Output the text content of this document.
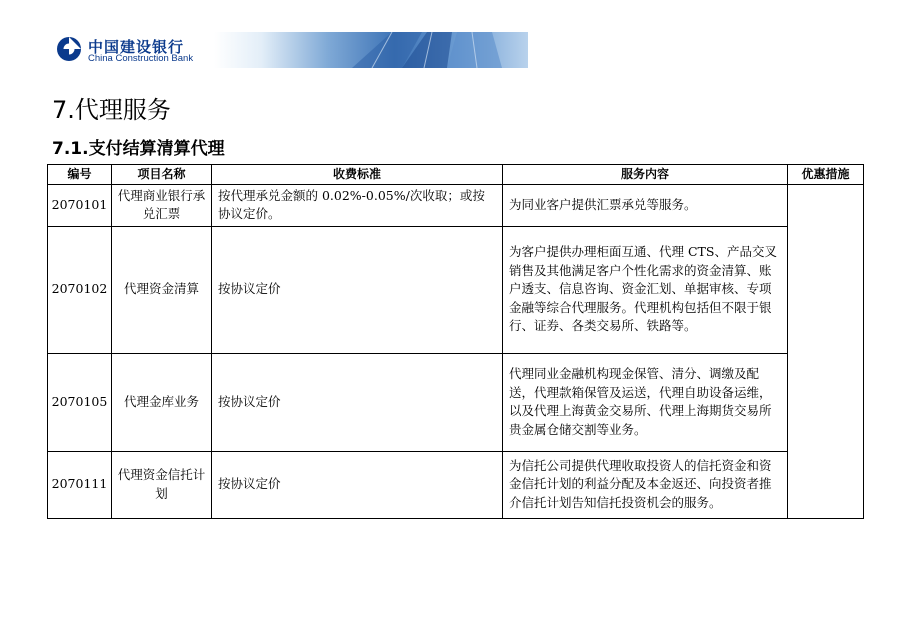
中国建设银行
China Construction Bank
7.代理服务
7.1.支付结算清算代理
编号	项目名称	收费标准	服务内容	优惠措施
2070101	代理商业银行承兑汇票	按代理承兑金额的 0.02%-0.05%/次收取；或按协议定价。	为同业客户提供汇票承兑等服务。	
2070102	代理资金清算	按协议定价	为客户提供办理柜面互通、代理 CTS、产品交叉销售及其他满足客户个性化需求的资金清算、账户透支、信息咨询、资金汇划、单据审核、专项金融等综合代理服务。代理机构包括但不限于银行、证券、各类交易所、铁路等。	
2070105	代理金库业务	按协议定价	代理同业金融机构现金保管、清分、调缴及配送，代理款箱保管及运送，代理自助设备运维，以及代理上海黄金交易所、代理上海期货交易所贵金属仓储交割等业务。	
2070111	代理资金信托计划	按协议定价	为信托公司提供代理收取投资人的信托资金和资金信托计划的利益分配及本金返还、向投资者推介信托计划告知信托投资机会的服务。	
